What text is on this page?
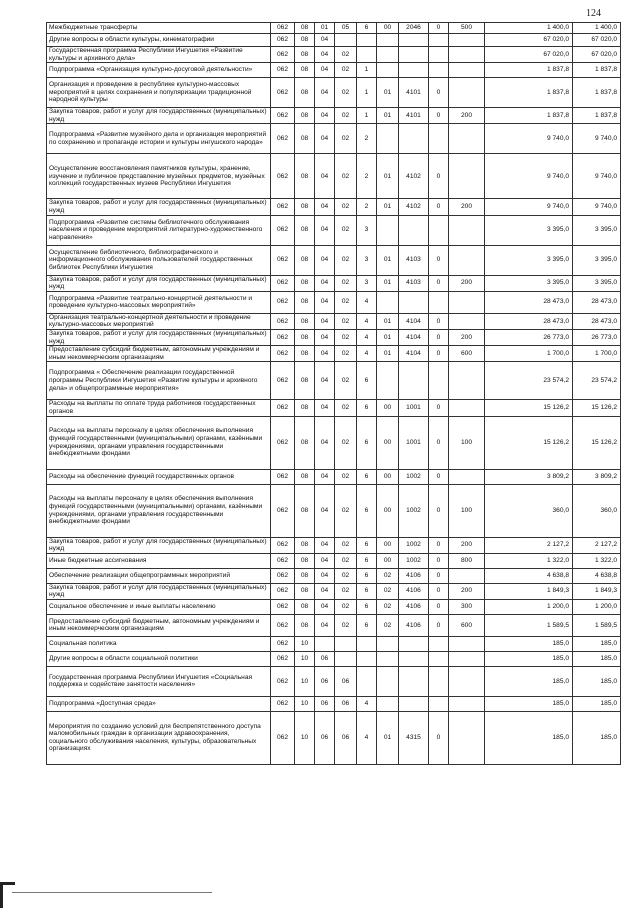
124
Межбюджетные трансферты	062	08	01	05	6	00	2046	0	500	1 400,0	1 400,0
Другие вопросы в области культуры, кинематографии	062	08	04							67 020,0	67 020,0
Государственная программа Республики Ингушетия «Развитие культуры и архивного дела»	062	08	04	02						67 020,0	67 020,0
Подпрограмма «Организация культурно-досуговой деятельности»	062	08	04	02	1					1 837,8	1 837,8
Организация и проведение в республике культурно-массовых мероприятий в целях сохранения и популяризации традиционной народной культуры	062	08	04	02	1	01	4101	0		1 837,8	1 837,8
Закупка товаров, работ и услуг для государственных (муниципальных) нужд	062	08	04	02	1	01	4101	0	200	1 837,8	1 837,8
Подпрограмма «Развитие музейного дела и организация мероприятий по сохранению и пропаганде истории и культуры ингушского народа»	062	08	04	02	2					9 740,0	9 740,0
Осуществление восстановления памятников культуры, хранение, изучение и публичное представление музейных предметов, музейных коллекций государственных музеев Республики Ингушетия	062	08	04	02	2	01	4102	0		9 740,0	9 740,0
Закупка товаров, работ и услуг для государственных (муниципальных) нужд	062	08	04	02	2	01	4102	0	200	9 740,0	9 740,0
Подпрограмма «Развитие системы библиотечного обслуживания населения и проведение мероприятий литературно-художественного направления»	062	08	04	02	3					3 395,0	3 395,0
Осуществление библиотечного, библиографического и информационного обслуживания пользователей государственных библиотек Республики Ингушетия	062	08	04	02	3	01	4103	0		3 395,0	3 395,0
Закупка товаров, работ и услуг для государственных (муниципальных) нужд	062	08	04	02	3	01	4103	0	200	3 395,0	3 395,0
Подпрограмма «Развитие театрально-концертной деятельности и проведение культурно-массовых мероприятий»	062	08	04	02	4					28 473,0	28 473,0
Организация театрально-концертной деятельности и проведение культурно-массовых мероприятий	062	08	04	02	4	01	4104	0		28 473,0	28 473,0
Закупка товаров, работ и услуг для государственных (муниципальных) нужд	062	08	04	02	4	01	4104	0	200	26 773,0	26 773,0
Предоставление субсидий бюджетным, автономным учреждениям и иным некоммерческим организациям	062	08	04	02	4	01	4104	0	600	1 700,0	1 700,0
Подпрограмма « Обеспечение реализации государственной программы Республики Ингушетия «Развитие культуры и архивного дела» и общепрограммные мероприятия»	062	08	04	02	6					23 574,2	23 574,2
Расходы на выплаты по оплате труда работников государственных органов	062	08	04	02	6	00	1001	0		15 126,2	15 126,2
Расходы на выплаты персоналу в целях обеспечения выполнения функций государственными (муниципальными) органами, казёнными учреждениями, органами управления государственными внебюджетными фондами	062	08	04	02	6	00	1001	0	100	15 126,2	15 126,2
Расходы на обеспечение функций государственных органов	062	08	04	02	6	00	1002	0		3 809,2	3 809,2
Расходы на выплаты персоналу в целях обеспечения выполнения функций государственными (муниципальными) органами, казёнными учреждениями, органами управления государственными внебюджетными фондами	062	08	04	02	6	00	1002	0	100	360,0	360,0
Закупка товаров, работ и услуг для государственных (муниципальных) нужд	062	08	04	02	6	00	1002	0	200	2 127,2	2 127,2
Иные бюджетные ассигнования	062	08	04	02	6	00	1002	0	800	1 322,0	1 322,0
Обеспечение реализации общепрограммных мероприятий	062	08	04	02	6	02	4106	0		4 638,8	4 638,8
Закупка товаров, работ и услуг для государственных (муниципальных) нужд	062	08	04	02	6	02	4106	0	200	1 849,3	1 849,3
Социальное обеспечение и иные выплаты населению	062	08	04	02	6	02	4106	0	300	1 200,0	1 200,0
Предоставление субсидий бюджетным, автономным учреждениям и иным некоммерческим организациям	062	08	04	02	6	02	4106	0	600	1 589,5	1 589,5
Социальная политика	062	10								185,0	185,0
Другие вопросы в области социальной политики	062	10	06							185,0	185,0
Государственная программа Республики Ингушетия «Социальная поддержка и содействие занятости населения»	062	10	06	06						185,0	185,0
Подпрограмма «Доступная среда»	062	10	06	06	4					185,0	185,0
Мероприятия по созданию условий для беспрепятственного доступа маломобильных граждан в организации здравоохранения, социального обслуживания населения, культуры, образовательных организациях	062	10	06	06	4	01	4315	0		185,0	185,0
